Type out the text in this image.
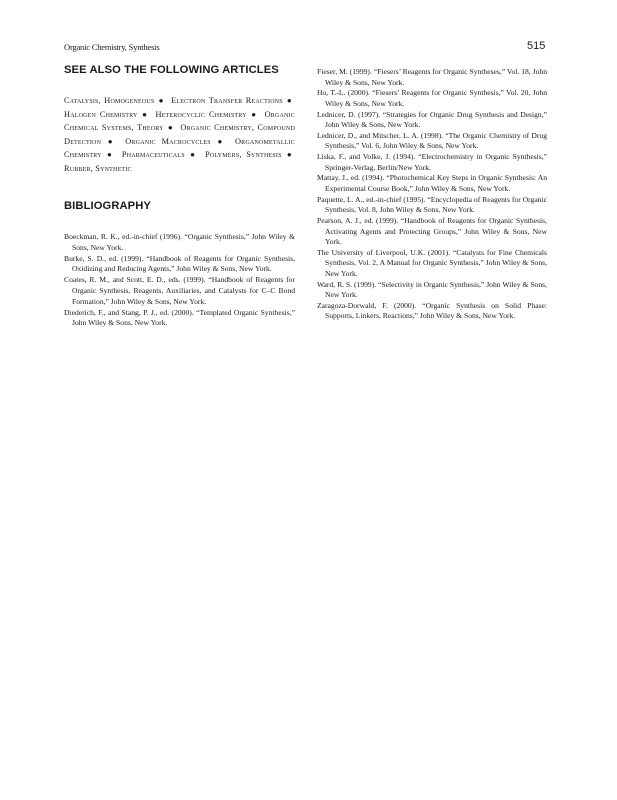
Organic Chemistry, Synthesis	515
SEE ALSO THE FOLLOWING ARTICLES
Catalysis, Homogeneous ● Electron Transfer Reactions ● Halogen Chemistry ● Heterocyclic Chemistry ● Organic Chemical Systems, Theory ● Organic Chemistry, Compound Detection ● Organic Macrocycles ● Organometallic Chemistry ● Pharmaceuticals ● Polymers, Synthesis ● Rubber, Synthetic
BIBLIOGRAPHY

Boeckman, R. K., ed.-in-chief (1996). “Organic Synthesis,” John Wiley & Sons, New York.

Burke, S. D., ed. (1999). “Handbook of Reagents for Organic Synthesis, Oxidizing and Reducing Agents,” John Wiley & Sons, New York.

Coates, R. M., and Scott, E. D., eds. (1999). “Handbook of Reagents for Organic Synthesis, Reagents, Auxiliaries, and Catalysts for C–C Bond Formation,” John Wiley & Sons, New York.

Diederich, F., and Stang, P. J., ed. (2000). “Templated Organic Synthesis,” John Wiley & Sons, New York.

Fieser, M. (1999). “Fiesers’ Reagents for Organic Syntheses,” Vol. 18, John Wiley & Sons, New York.

Ho, T.-L. (2000). “Fiesers’ Reagents for Organic Synthesis,” Vol. 20, John Wiley & Sons, New York.

Lednicer, D. (1997). “Strategies for Organic Drug Synthesis and Design,” John Wiley & Sons, New York.

Lednicer, D., and Mitscher, L. A. (1998). “The Organic Chemistry of Drug Synthesis,” Vol. 6, John Wiley & Sons, New York.

Liska, F., and Volke, J. (1994). “Electrochemistry in Organic Synthesis,” Springer-Verlag, Berlin/New York.

Mattay, J., ed. (1994). “Photochemical Key Steps in Organic Synthesis: An Experimental Course Book,” John Wiley & Sons, New York.

Paquette, L. A., ed.-in-chief (1995). “Encyclopedia of Reagents for Organic Synthesis, Vol. 8, John Wiley & Sons, New York.

Pearson, A. J., ed. (1999). “Handbook of Reagents for Organic Synthesis, Activating Agents and Protecting Groups,” John Wiley & Sons, New York.

The University of Liverpool, U.K. (2001). “Catalysts for Fine Chemicals Synthesis, Vol. 2, A Manual for Organic Synthesis,” John Wiley & Sons, New York.

Ward, R. S. (1999). “Selectivity in Organic Synthesis,” John Wiley & Sons, New York.

Zaragoza-Dorwald, F. (2000). “Organic Synthesis on Solid Phase: Supports, Linkers, Reactions,” John Wiley & Sons, New York.
